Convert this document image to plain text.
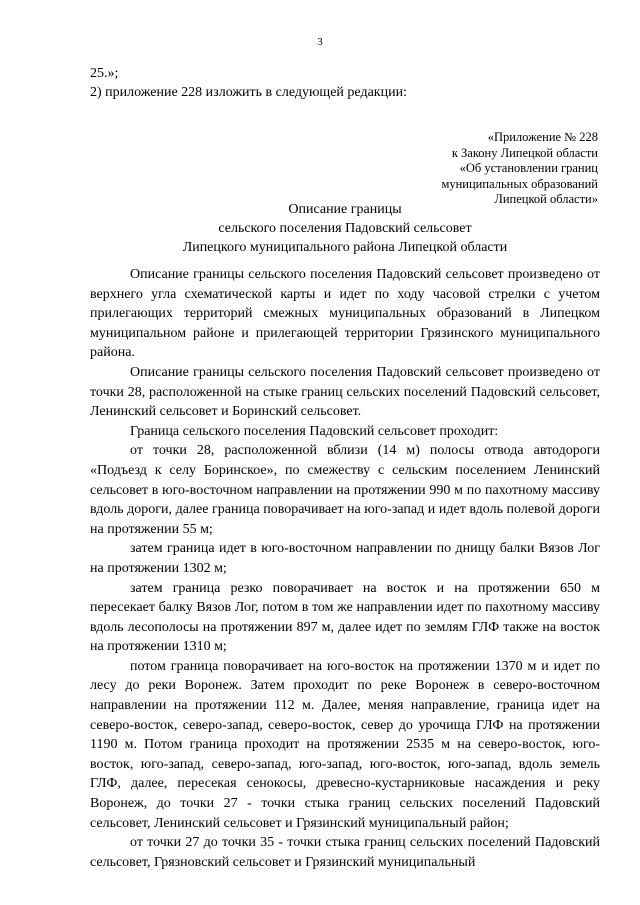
3

25.»;

2) приложение 228 изложить в следующей редакции:

«Приложение № 228
к Закону Липецкой области
«Об установлении границ
муниципальных образований
Липецкой области»
Описание границы
сельского поселения Падовский сельсовет
Липецкого муниципального района Липецкой области

Описание границы сельского поселения Падовский сельсовет произведено от верхнего угла схематической карты и идет по ходу часовой стрелки с учетом прилегающих территорий смежных муниципальных образований в Липецком муниципальном районе и прилегающей территории Грязинского муниципального района.

Описание границы сельского поселения Падовский сельсовет произведено от точки 28, расположенной на стыке границ сельских поселений Падовский сельсовет, Ленинский сельсовет и Боринский сельсовет.

Граница сельского поселения Падовский сельсовет проходит:

от точки 28, расположенной вблизи (14 м) полосы отвода автодороги «Подъезд к селу Боринское», по смежеству с сельским поселением Ленинский сельсовет в юго-восточном направлении на протяжении 990 м по пахотному массиву вдоль дороги, далее граница поворачивает на юго-запад и идет вдоль полевой дороги на протяжении 55 м;

затем граница идет в юго-восточном направлении по днищу балки Вязов Лог на протяжении 1302 м;

затем граница резко поворачивает на восток и на протяжении 650 м пересекает балку Вязов Лог, потом в том же направлении идет по пахотному массиву вдоль лесополосы на протяжении 897 м, далее идет по землям ГЛФ также на восток на протяжении 1310 м;

потом граница поворачивает на юго-восток на протяжении 1370 м и идет по лесу до реки Воронеж. Затем проходит по реке Воронеж в северо-восточном направлении на протяжении 112 м. Далее, меняя направление, граница идет на северо-восток, северо-запад, северо-восток, север до урочища ГЛФ на протяжении 1190 м. Потом граница проходит на протяжении 2535 м на северо-восток, юго-восток, юго-запад, северо-запад, юго-запад, юго-восток, юго-запад, вдоль земель ГЛФ, далее, пересекая сенокосы, древесно-кустарниковые насаждения и реку Воронеж, до точки 27 - точки стыка границ сельских поселений Падовский сельсовет, Ленинский сельсовет и Грязинский муниципальный район;

от точки 27 до точки 35 - точки стыка границ сельских поселений Падовский сельсовет, Грязновский сельсовет и Грязинский муниципальный
